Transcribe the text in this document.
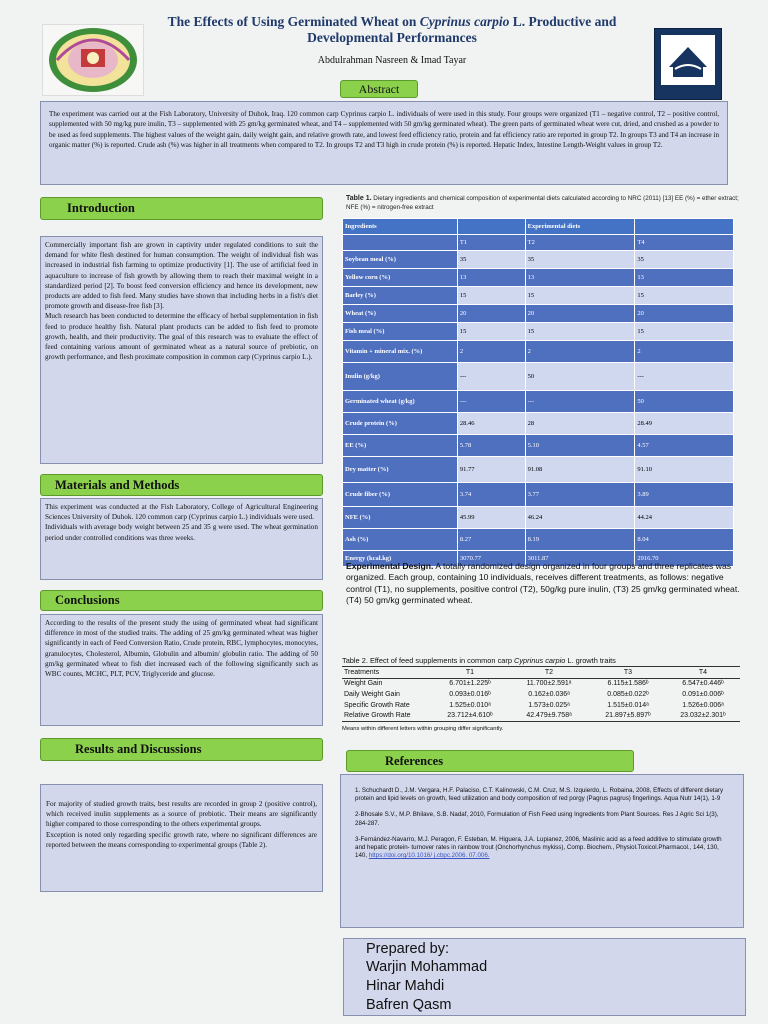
The Effects of Using Germinated Wheat on Cyprinus carpio L. Productive and Developmental Performances
Abdulrahman Nasreen & Imad Tayar
Abstract
The experiment was carried out at the Fish Laboratory, University of Duhok, Iraq. 120 common carp Cyprinus carpio L. individuals of were used in this study. Four groups were organized (T1 – negative control, T2 – positive control, supplemented with 50 mg/kg pure inulin, T3 – supplemented with 25 gm/kg germinated wheat, and T4 – supplemented with 50 gm/kg germinated wheat). The green parts of germinated wheat were cut, dried, and crushed as a powder to be used as feed supplements. The highest values of the weight gain, daily weight gain, and relative growth rate, and lowest feed efficiency ratio, protein and fat efficiency ratio are reported in group T2. In groups T3 and T4 an increase in organic matter (%) is reported. Crude ash (%) was higher in all treatments when compared to T2. In groups T2 and T3 high in crude protein (%) is reported. Hepatic Index, Intestine Length-Weight values in group T2.
Introduction

Commercially important fish are grown in captivity under regulated conditions to suit the demand for white flesh destined for human consumption. The weight of individual fish was increased in industrial fish farming to optimize productivity [1]. The use of artificial feed in aquaculture to increase of fish growth by allowing them to reach their maximal weight in a standardized period [2]. To boost feed conversion efficiency and hence its development, new products are added to fish feed. Many studies have shown that including herbs in a fish's diet promote growth and disease-free fish [3].

Much research has been conducted to determine the efficacy of herbal supplementation in fish feed to produce healthy fish. Natural plant products can be added to fish feed to promote growth, health, and their productivity. The goal of this research was to evaluate the effect of feed containing various amount of germinated wheat as a natural source of prebiotic, on growth performance, and flesh proximate composition in common carp (Cyprinus carpio L.).

Materials and Methods

This experiment was conducted at the Fish Laboratory, College of Agricultural Engineering Sciences University of Duhok. 120 common carp (Cyprinus carpio L.) individuals were used.

Individuals with average body weight between 25 and 35 g were used. The wheat germination period under controlled conditions was three weeks.

Conclusions
According to the results of the present study the using of germinated wheat had significant difference in most of the studied traits. The adding of 25 gm/kg germinated wheat was higher significantly in each of Feed Conversion Ratio, Crude protein, RBC, lymphocytes, monocytes, granulocytes, Cholesterol, Albumin, Globulin and albumin/ globulin ratio. The adding of 50 gm/kg germinated wheat to fish diet increased each of the following significantly such as WBC counts, MCHC, PLT, PCV, Triglyceride and glucose.
Results and Discussions

For majority of studied growth traits, best results are recorded in group 2 (positive control), which received inulin supplements as a source of prebiotic. Their means are significantly higher compared to those corresponding to the others experimental groups.

Exception is noted only regarding specific growth rate, where no significant differences are reported between the means corresponding to experimental groups (Table 2).

Table 1. Dietary ingredients and chemical composition of experimental diets calculated according to NRC (2011) [13] EE (%) = ether extract; NFE (%) = nitrogen-free extract
Ingredients		Experimental diets	
	T1	T2	T4
Soybean meal (%)	35	35	35
Yellow corn (%)	13	13	13
Barley (%)	15	15	15
Wheat (%)	20	20	20
Fish meal (%)	15	15	15
Vitamin + mineral mix. (%)	2	2	2
Inulin (g/kg)	---	50	---
Germinated wheat (g/kg)	---	---	50
Crude protein (%)	28.46	28	28.49
EE (%)	5.78	5.10	4.57
Dry matter (%)	91.77	91.08	91.10
Crude fiber (%)	3.74	3.77	3.89
NFE (%)	45.99	46.24	44.24
Ash (%)	8.27	8.19	8.04
Energy (kcal.kg)	3070.77	3011.87	2916.70
Experimental Design. A totally randomized design organized in four groups and three replicates was organized. Each group, containing 10 individuals, receives different treatments, as follows: negative control (T1), no supplements, positive control (T2), 50g/kg pure inulin, (T3) 25 gm/kg germinated wheat. (T4) 50 gm/kg germinated wheat.
Table 2. Effect of feed supplements in common carp Cyprinus carpio L. growth traits
Treatments	T1	T2	T3	T4
Weight Gain	6.701±1.225ᵇ	11.700±2.591ᵃ	6.115±1.586ᵇ	6.547±0.446ᵇ
Daily Weight Gain	0.093±0.016ᵇ	0.162±0.036ᵃ	0.085±0.022ᵇ	0.091±0.006ᵇ
Specific Growth Rate	1.525±0.010ᵃ	1.573±0.025ᵃ	1.515±0.014ᵃ	1.526±0.006ᵃ
Relative Growth Rate	23.712±4.610ᵇ	42.479±9.758ᵃ	21.897±5.897ᵇ	23.032±2.301ᵇ
Means within different letters within grouping differ significantly.
References

1. Schuchardt D., J.M. Vergara, H.F. Palaciso, C.T. Kalinowski, C.M. Cruz, M.S. Izquierdo, L. Robaina, 2008, Effects of different dietary protein and lipid levels on growth, feed utilization and body composition of red porgy (Pagrus pagrus) fingerlings. Aqua Nutr 14(1), 1-9

2-Bhosale S.V., M.P. Bhilave, S.B. Nadaf, 2010, Formulation of Fish Feed using Ingredients from Plant Sources. Res J Agric Sci 1(3), 284-287.

3-Fernández-Navarro, M.J. Peragon, F. Esteban, M. Higuera, J.A. Lupianez, 2006, Maslinic acid as a feed additive to stimulate growth and hepatic protein- turnover rates in rainbow trout (Onchorhynchus mykiss), Comp. Biochem., Physiol.Toxicol.Pharmacol., 144, 130, 140, https://doi.org/10.1016/ j.cbpc.2006. 07.006.

Prepared by:
Warjin Mohammad
Hinar Mahdi
Bafren Qasm
